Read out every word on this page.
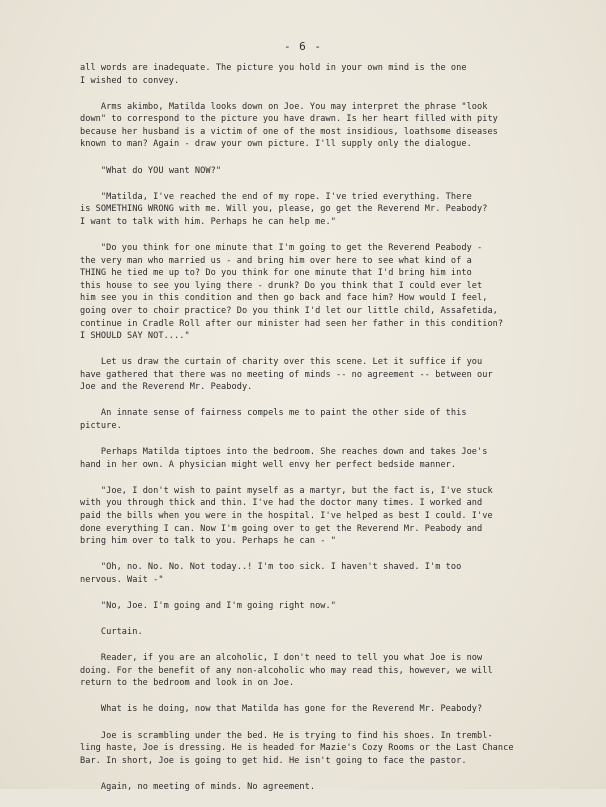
- 6 -

all words are inadequate. The picture you hold in your own mind is the one
I wished to convey.

Arms akimbo, Matilda looks down on Joe. You may interpret the phrase "look
down" to correspond to the picture you have drawn. Is her heart filled with pity
because her husband is a victim of one of the most insidious, loathsome diseases
known to man? Again - draw your own picture. I'll supply only the dialogue.

"What do YOU want NOW?"

"Matilda, I've reached the end of my rope. I've tried everything. There
is SOMETHING WRONG with me. Will you, please, go get the Reverend Mr. Peabody?
I want to talk with him. Perhaps he can help me."

"Do you think for one minute that I'm going to get the Reverend Peabody -
the very man who married us - and bring him over here to see what kind of a
THING he tied me up to? Do you think for one minute that I'd bring him into
this house to see you lying there - drunk? Do you think that I could ever let
him see you in this condition and then go back and face him? How would I feel,
going over to choir practice? Do you think I'd let our little child, Assafetida,
continue in Cradle Roll after our minister had seen her father in this condition?
I SHOULD SAY NOT...."

Let us draw the curtain of charity over this scene. Let it suffice if you
have gathered that there was no meeting of minds -- no agreement -- between our
Joe and the Reverend Mr. Peabody.

An innate sense of fairness compels me to paint the other side of this
picture.

Perhaps Matilda tiptoes into the bedroom. She reaches down and takes Joe's
hand in her own. A physician might well envy her perfect bedside manner.

"Joe, I don't wish to paint myself as a martyr, but the fact is, I've stuck
with you through thick and thin. I've had the doctor many times. I worked and
paid the bills when you were in the hospital. I've helped as best I could. I've
done everything I can. Now I'm going over to get the Reverend Mr. Peabody and
bring him over to talk to you. Perhaps he can - "

"Oh, no. No. No. Not today..! I'm too sick. I haven't shaved. I'm too
nervous. Wait -"

"No, Joe. I'm going and I'm going right now."

Curtain.

Reader, if you are an alcoholic, I don't need to tell you what Joe is now
doing. For the benefit of any non-alcoholic who may read this, however, we will
return to the bedroom and look in on Joe.

What is he doing, now that Matilda has gone for the Reverend Mr. Peabody?

Joe is scrambling under the bed. He is trying to find his shoes. In trembl-
ling haste, Joe is dressing. He is headed for Mazie's Cozy Rooms or the Last Chance
Bar. In short, Joe is going to get hid. He isn't going to face the pastor.

Again, no meeting of minds. No agreement.
